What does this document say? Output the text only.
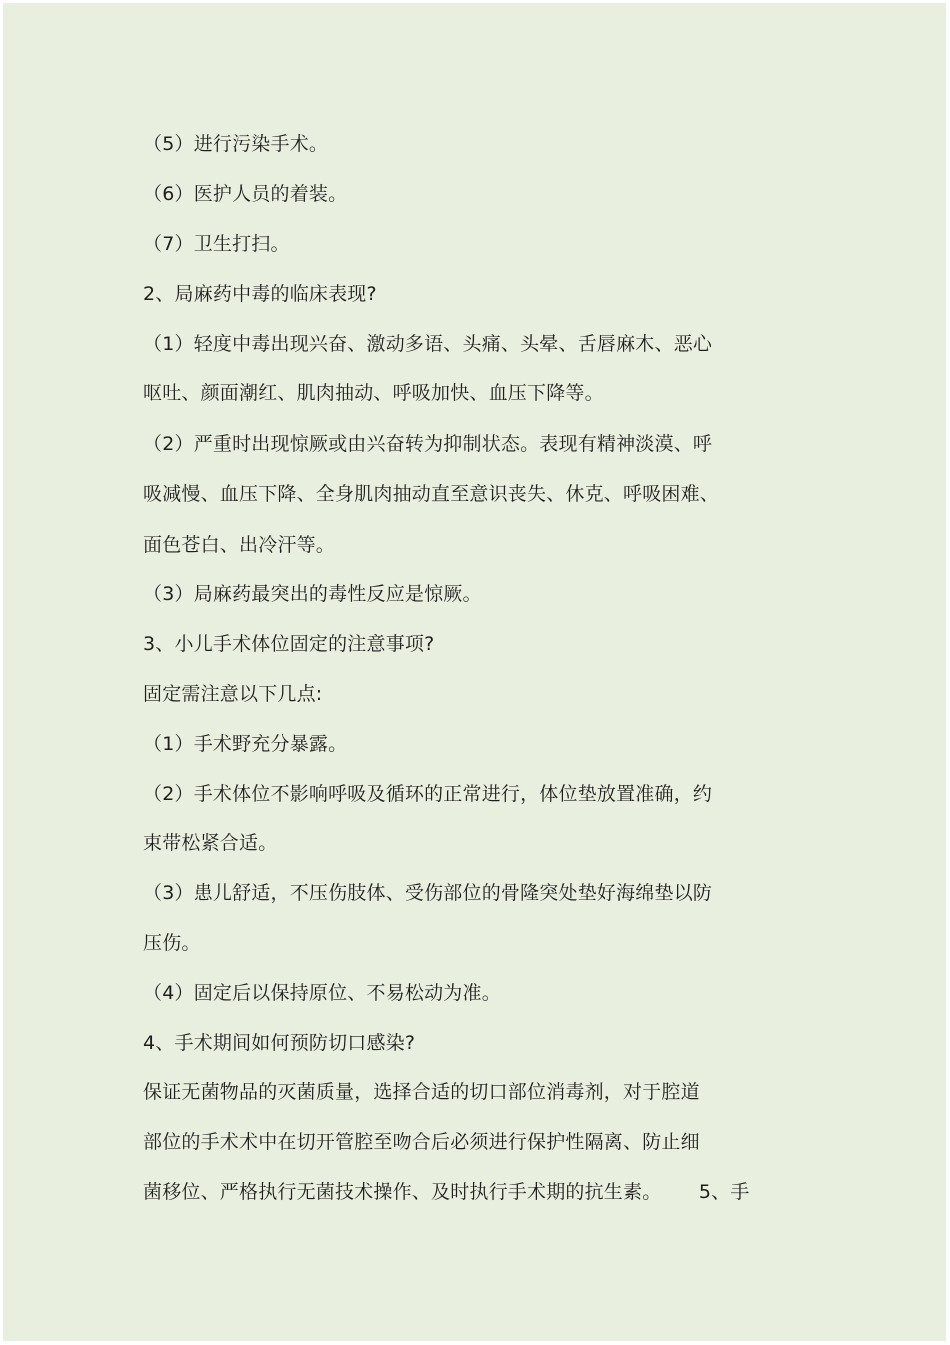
（5）进行污染手术。
（6）医护人员的着装。
（7）卫生打扫。
2、局麻药中毒的临床表现?
（1）轻度中毒出现兴奋、激动多语、头痛、头晕、舌唇麻木、恶心
呕吐、颜面潮红、肌肉抽动、呼吸加快、血压下降等。
（2）严重时出现惊厥或由兴奋转为抑制状态。表现有精神淡漠、呼
吸减慢、血压下降、全身肌肉抽动直至意识丧失、休克、呼吸困难、
面色苍白、出冷汗等。
（3）局麻药最突出的毒性反应是惊厥。
3、小儿手术体位固定的注意事项?
固定需注意以下几点:
（1）手术野充分暴露。
（2）手术体位不影响呼吸及循环的正常进行，体位垫放置准确，约
束带松紧合适。
（3）患儿舒适，不压伤肢体、受伤部位的骨隆突处垫好海绵垫以防
压伤。
（4）固定后以保持原位、不易松动为准。
4、手术期间如何预防切口感染?
保证无菌物品的灭菌质量，选择合适的切口部位消毒剂，对于腔道
部位的手术术中在切开管腔至吻合后必须进行保护性隔离、防止细
菌移位、严格执行无菌技术操作、及时执行手术期的抗生素。      5、手
